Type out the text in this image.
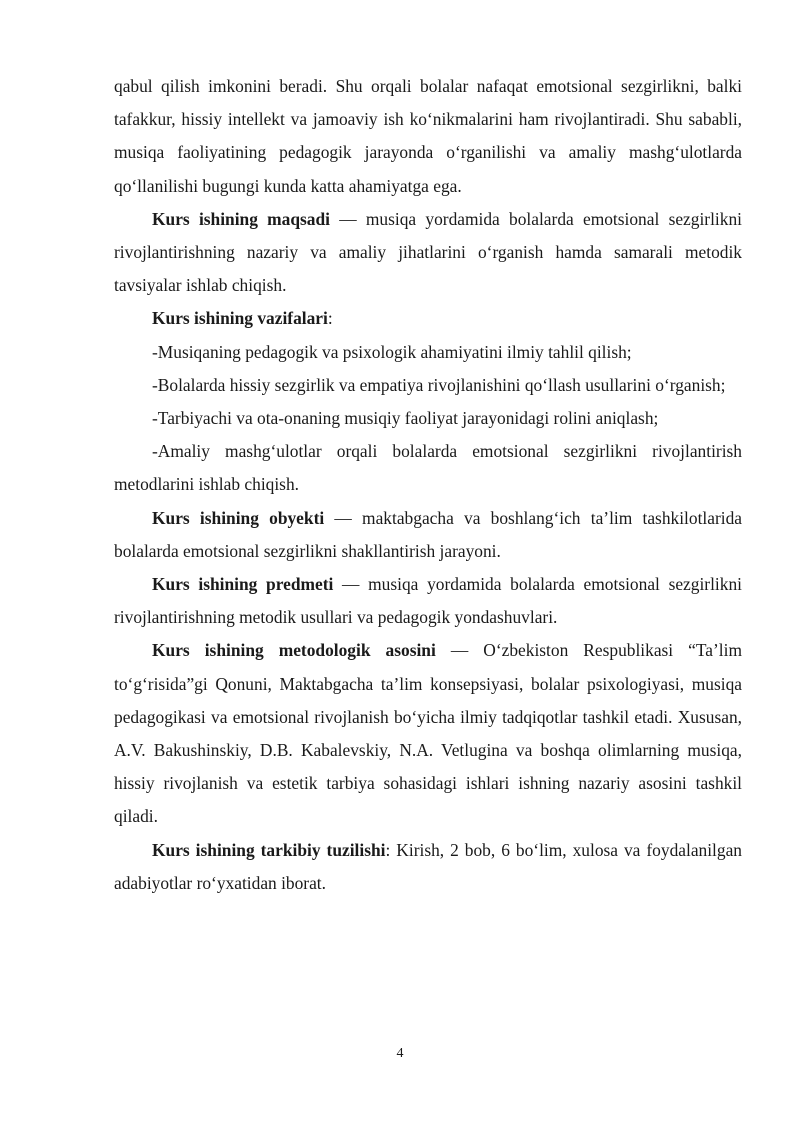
qabul qilish imkonini beradi. Shu orqali bolalar nafaqat emotsional sezgirlikni, balki tafakkur, hissiy intellekt va jamoaviy ish ko‘nikmalarini ham rivojlantiradi. Shu sababli, musiqa faoliyatining pedagogik jarayonda o‘rganilishi va amaliy mashg‘ulotlarda qo‘llanilishi bugungi kunda katta ahamiyatga ega.

Kurs ishining maqsadi — musiqa yordamida bolalarda emotsional sezgirlikni rivojlantirishning nazariy va amaliy jihatlarini o‘rganish hamda samarali metodik tavsiyalar ishlab chiqish.

Kurs ishining vazifalari:

-Musiqaning pedagogik va psixologik ahamiyatini ilmiy tahlil qilish;

-Bolalarda hissiy sezgirlik va empatiya rivojlanishini qo‘llash usullarini o‘rganish;

-Tarbiyachi va ota-onaning musiqiy faoliyat jarayonidagi rolini aniqlash;

-Amaliy mashg‘ulotlar orqali bolalarda emotsional sezgirlikni rivojlantirish metodlarini ishlab chiqish.

Kurs ishining obyekti — maktabgacha va boshlang‘ich ta’lim tashkilotlarida bolalarda emotsional sezgirlikni shakllantirish jarayoni.

Kurs ishining predmeti — musiqa yordamida bolalarda emotsional sezgirlikni rivojlantirishning metodik usullari va pedagogik yondashuvlari.

Kurs ishining metodologik asosini — O‘zbekiston Respublikasi “Ta’lim to‘g‘risida”gi Qonuni, Maktabgacha ta’lim konsepsiyasi, bolalar psixologiyasi, musiqa pedagogikasi va emotsional rivojlanish bo‘yicha ilmiy tadqiqotlar tashkil etadi. Xususan, A.V. Bakushinskiy, D.B. Kabalevskiy, N.A. Vetlugina va boshqa olimlarning musiqa, hissiy rivojlanish va estetik tarbiya sohasidagi ishlari ishning nazariy asosini tashkil qiladi.

Kurs ishining tarkibiy tuzilishi: Kirish, 2 bob, 6 bo‘lim, xulosa va foydalanilgan adabiyotlar ro‘yxatidan iborat.

4
